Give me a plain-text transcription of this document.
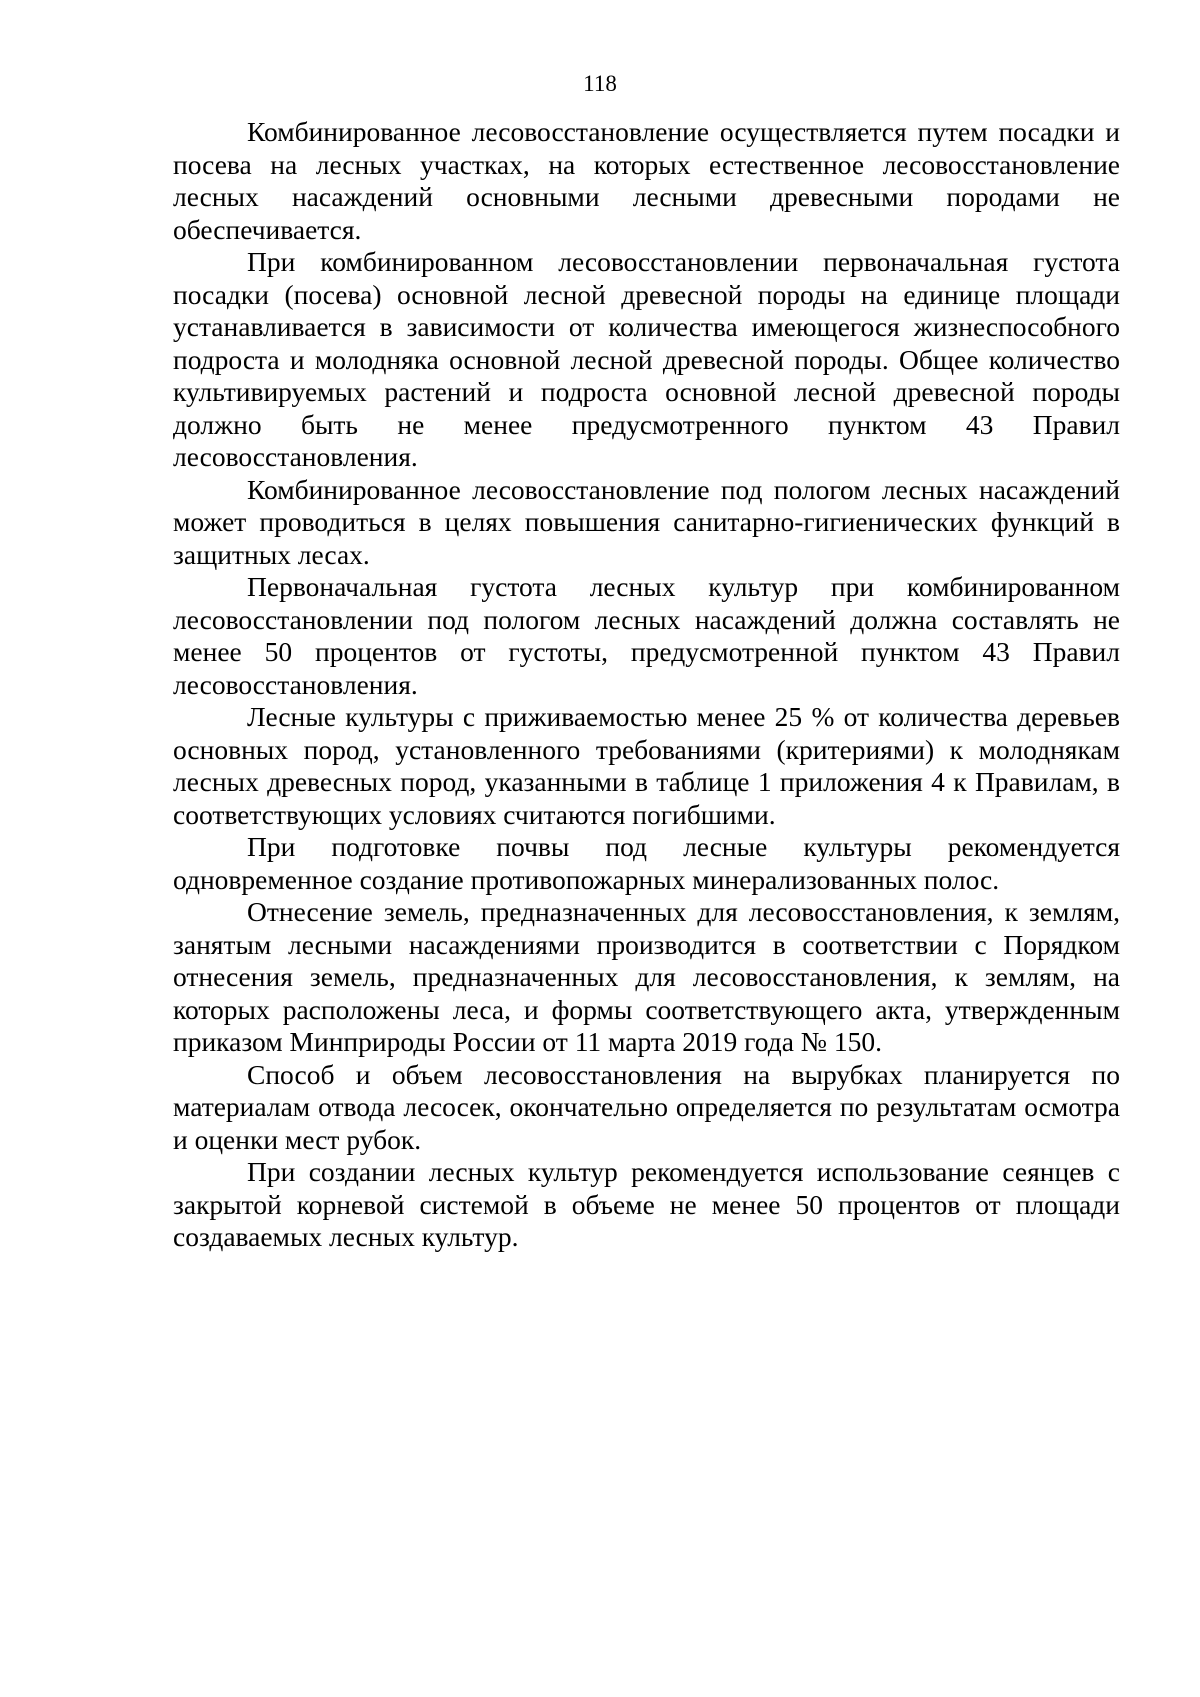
118

Комбинированное лесовосстановление осуществляется путем посадки и посева на лесных участках, на которых естественное лесовосстановление лесных насаждений основными лесными древесными породами не обеспечивается.

При комбинированном лесовосстановлении первоначальная густота посадки (посева) основной лесной древесной породы на единице площади устанавливается в зависимости от количества имеющегося жизнеспособного подроста и молодняка основной лесной древесной породы. Общее количество культивируемых растений и подроста основной лесной древесной породы должно быть не менее предусмотренного пунктом 43 Правил лесовосстановления.

Комбинированное лесовосстановление под пологом лесных насаждений может проводиться в целях повышения санитарно-гигиенических функций в защитных лесах.

Первоначальная густота лесных культур при комбинированном лесовосстановлении под пологом лесных насаждений должна составлять не менее 50 процентов от густоты, предусмотренной пунктом 43 Правил лесовосстановления.

Лесные культуры с приживаемостью менее 25 % от количества деревьев основных пород, установленного требованиями (критериями) к молоднякам лесных древесных пород, указанными в таблице 1 приложения 4 к Правилам, в соответствующих условиях считаются погибшими.

При подготовке почвы под лесные культуры рекомендуется одновременное создание противопожарных минерализованных полос.

Отнесение земель, предназначенных для лесовосстановления, к землям, занятым лесными насаждениями производится в соответствии с Порядком отнесения земель, предназначенных для лесовосстановления, к землям, на которых расположены леса, и формы соответствующего акта, утвержденным приказом Минприроды России от 11 марта 2019 года № 150.

Способ и объем лесовосстановления на вырубках планируется по материалам отвода лесосек, окончательно определяется по результатам осмотра и оценки мест рубок.

При создании лесных культур рекомендуется использование сеянцев с закрытой корневой системой в объеме не менее 50 процентов от площади создаваемых лесных культур.
